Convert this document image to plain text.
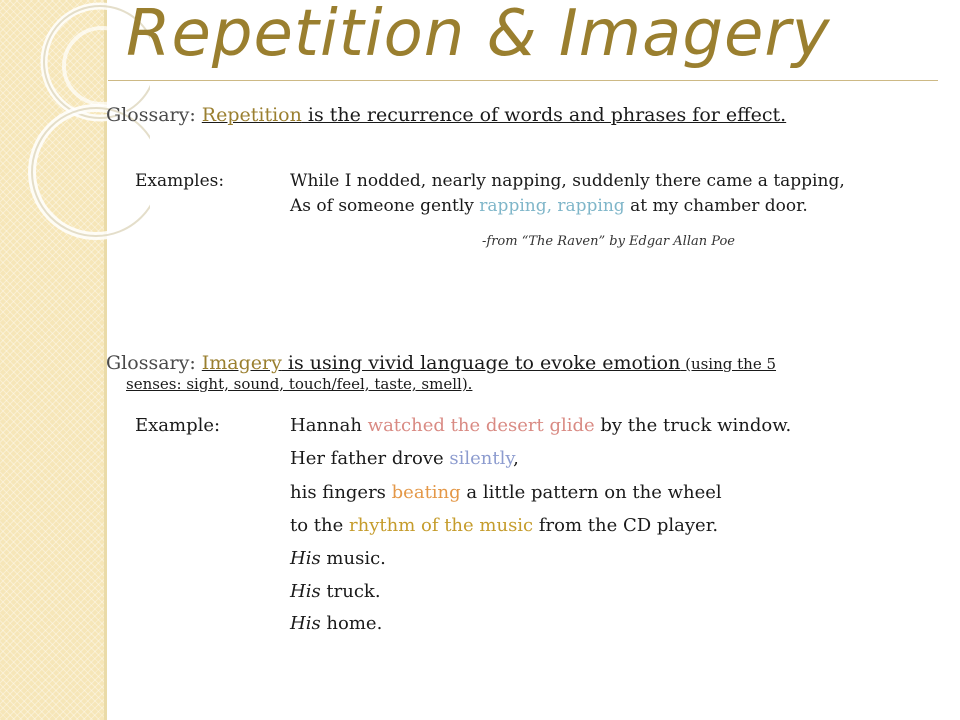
Repetition & Imagery
Glossary: Repetition is the recurrence of words and phrases for effect.
Examples:	While I nodded, nearly napping, suddenly there came a tapping,
As of someone gently rapping, rapping at my chamber door.
-from “The Raven” by Edgar Allan Poe
Glossary: Imagery is using vivid language to evoke emotion (using the 5
senses: sight, sound, touch/feel, taste, smell).
Example:	Hannah watched the desert glide by the truck window.
Her father drove silently,
his fingers beating a little pattern on the wheel
to the rhythm of the music from the CD player.
His music.
His truck.
His home.
